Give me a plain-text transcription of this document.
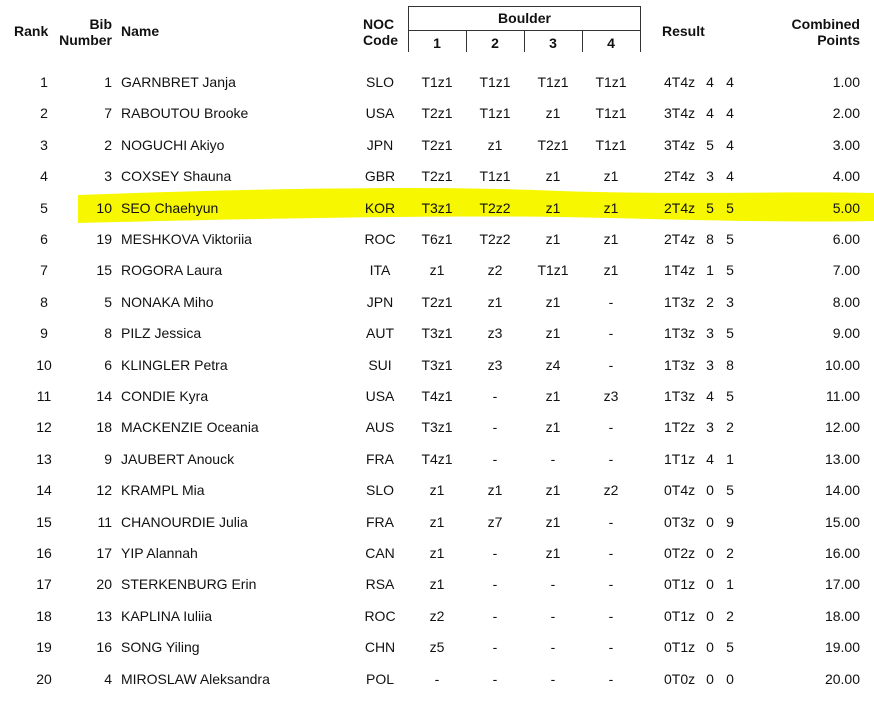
Rank	Bib
Number
Name	NOC
Code
Boulder
1	2	3	4
Result	Combined
Points
1	1 GARNBRET Janja	SLO	T1z1	T1z1	T1z1	T1z1	4T4z 4 4	1.00
2	7 RABOUTOU Brooke	USA	T2z1	T1z1	z1	T1z1	3T4z 4 4	2.00
3	2 NOGUCHI Akiyo	JPN	T2z1	z1	T2z1	T1z1	3T4z 5 4	3.00
4	3 COXSEY Shauna	GBR	T2z1	T1z1	z1	z1	2T4z 3 4	4.00
5	10 SEO Chaehyun	KOR	T3z1	T2z2	z1	z1	2T4z 5 5	5.00
6	19 MESHKOVA Viktoriia	ROC	T6z1	T2z2	z1	z1	2T4z 8 5	6.00
7	15 ROGORA Laura	ITA	z1	z2	T1z1	z1	1T4z 1 5	7.00
8	5 NONAKA Miho	JPN	T2z1	z1	z1	-	1T3z 2 3	8.00
9	8 PILZ Jessica	AUT	T3z1	z3	z1	-	1T3z 3 5	9.00
10	6 KLINGLER Petra	SUI	T3z1	z3	z4	-	1T3z 3 8	10.00
11	14 CONDIE Kyra	USA	T4z1	-	z1	z3	1T3z 4 5	11.00
12	18 MACKENZIE Oceania	AUS	T3z1	-	z1	-	1T2z 3 2	12.00
13	9 JAUBERT Anouck	FRA	T4z1	-	-	-	1T1z 4 1	13.00
14	12 KRAMPL Mia	SLO	z1	z1	z1	z2	0T4z 0 5	14.00
15	11 CHANOURDIE Julia	FRA	z1	z7	z1	-	0T3z 0 9	15.00
16	17 YIP Alannah	CAN	z1	-	z1	-	0T2z 0 2	16.00
17	20 STERKENBURG Erin	RSA	z1	-	-	-	0T1z 0 1	17.00
18	13 KAPLINA Iuliia	ROC	z2	-	-	-	0T1z 0 2	18.00
19	16 SONG Yiling	CHN	z5	-	-	-	0T1z 0 5	19.00
20	4 MIROSLAW Aleksandra	POL	-	-	-	-	0T0z 0 0	20.00
